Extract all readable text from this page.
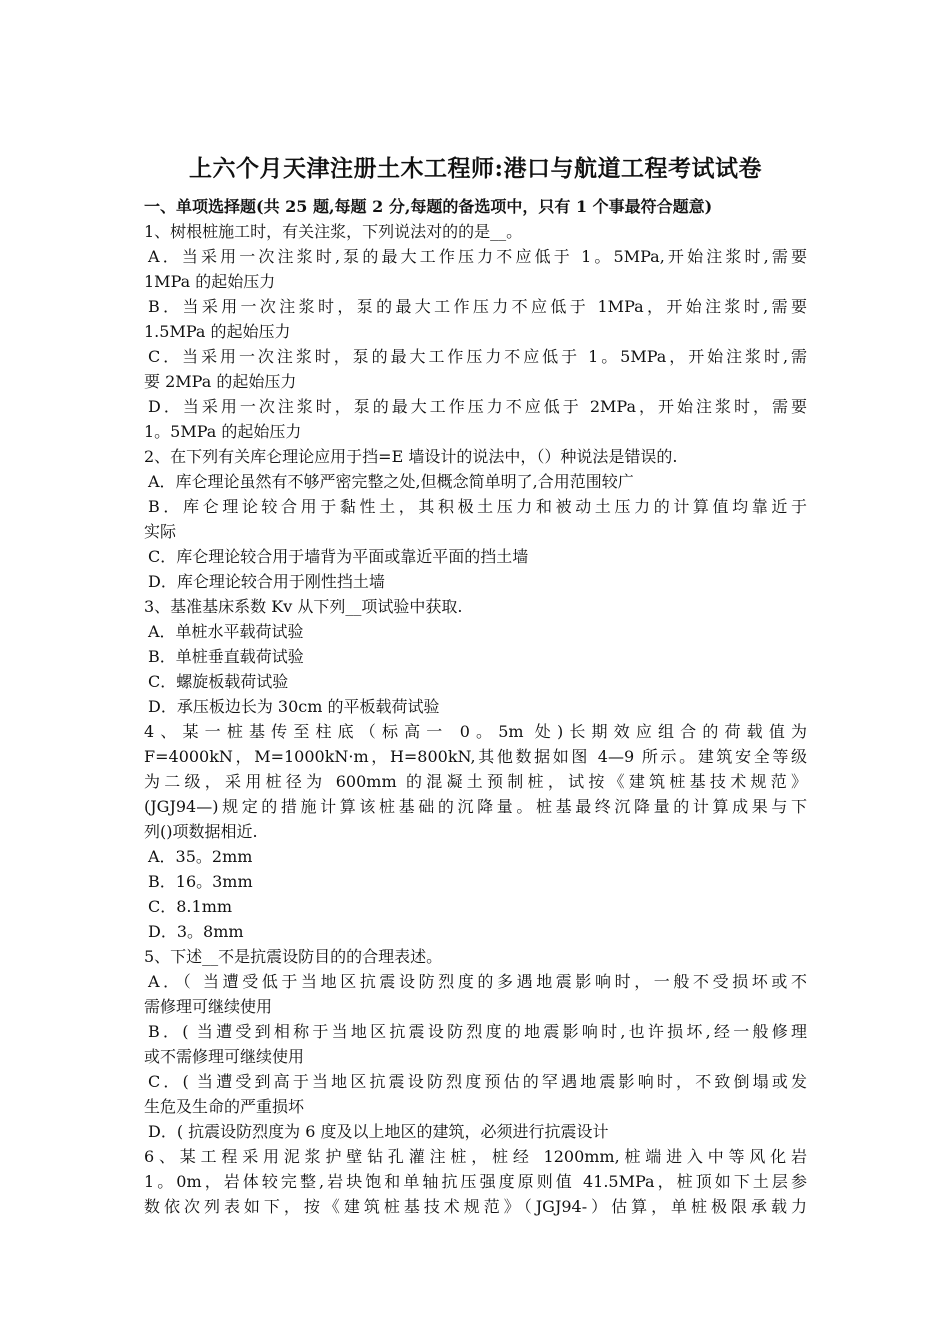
上六个月天津注册土木工程师:港口与航道工程考试试卷
一、单项选择题(共 25 题,每题 2 分,每题的备选项中，只有 1 个事最符合题意)
1、树根桩施工时，有关注浆，下列说法对的的是__。
A．当采用一次注浆时,泵的最大工作压力不应低于 1。5MPa,开始注浆时,需要
1MPa 的起始压力
B．当采用一次注浆时，泵的最大工作压力不应低于 1MPa，开始注浆时,需要
1.5MPa 的起始压力
C．当采用一次注浆时，泵的最大工作压力不应低于 1。5MPa，开始注浆时,需
要 2MPa 的起始压力
D．当采用一次注浆时，泵的最大工作压力不应低于 2MPa，开始注浆时，需要
1。5MPa 的起始压力
2、在下列有关库仑理论应用于挡=E 墙设计的说法中，（）种说法是错误的.
A．库仑理论虽然有不够严密完整之处,但概念简单明了,合用范围较广
B．库仑理论较合用于黏性土，其积极土压力和被动土压力的计算值均靠近于
实际
C．库仑理论较合用于墙背为平面或靠近平面的挡土墙
D．库仑理论较合用于刚性挡土墙
3、基准基床系数 Kv 从下列__项试验中获取.
A．单桩水平载荷试验
B．单桩垂直载荷试验
C．螺旋板载荷试验
D．承压板边长为 30cm 的平板载荷试验
4、某一桩基传至柱底（标高一 0。5m 处)长期效应组合的荷载值为
F=4000kN，M=1000kN·m，H=800kN,其他数据如图 4—9 所示。建筑安全等级
为二级，采用桩径为 600mm 的混凝土预制桩，试按《建筑桩基技术规范》
(JGJ94—)规定的措施计算该桩基础的沉降量。桩基最终沉降量的计算成果与下
列()项数据相近.
A．35。2mm
B．16。3mm
C．8.1mm
D．3。8mm
5、下述__不是抗震设防目的的合理表述。
A．（ 当遭受低于当地区抗震设防烈度的多遇地震影响时，一般不受损坏或不
需修理可继续使用
B．( 当遭受到相称于当地区抗震设防烈度的地震影响时,也许损坏,经一般修理
或不需修理可继续使用
C．( 当遭受到高于当地区抗震设防烈度预估的罕遇地震影响时，不致倒塌或发
生危及生命的严重损坏
D．( 抗震设防烈度为 6 度及以上地区的建筑，必须进行抗震设计
6、某工程采用泥浆护壁钻孔灌注桩，桩经 1200mm,桩端进入中等风化岩
1。0m，岩体较完整,岩块饱和单轴抗压强度原则值 41.5MPa，桩顶如下土层参
数依次列表如下，按《建筑桩基技术规范》（JGJ94-）估算，单桩极限承载力
